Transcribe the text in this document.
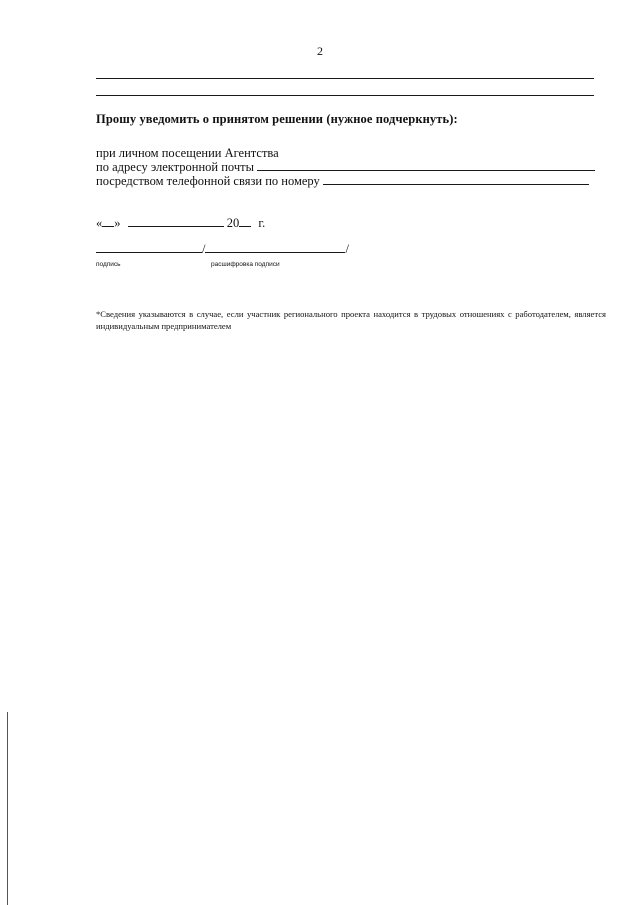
2
Прошу уведомить о принятом решении (нужное подчеркнуть):
при личном посещении Агентства
по адресу электронной почты
посредством телефонной связи по номеру
« »	20 г.
/	/
подпись	расшифровка подписи
*Сведения указываются в случае, если участник регионального проекта находится в трудовых отношениях с работодателем, является индивидуальным предпринимателем
